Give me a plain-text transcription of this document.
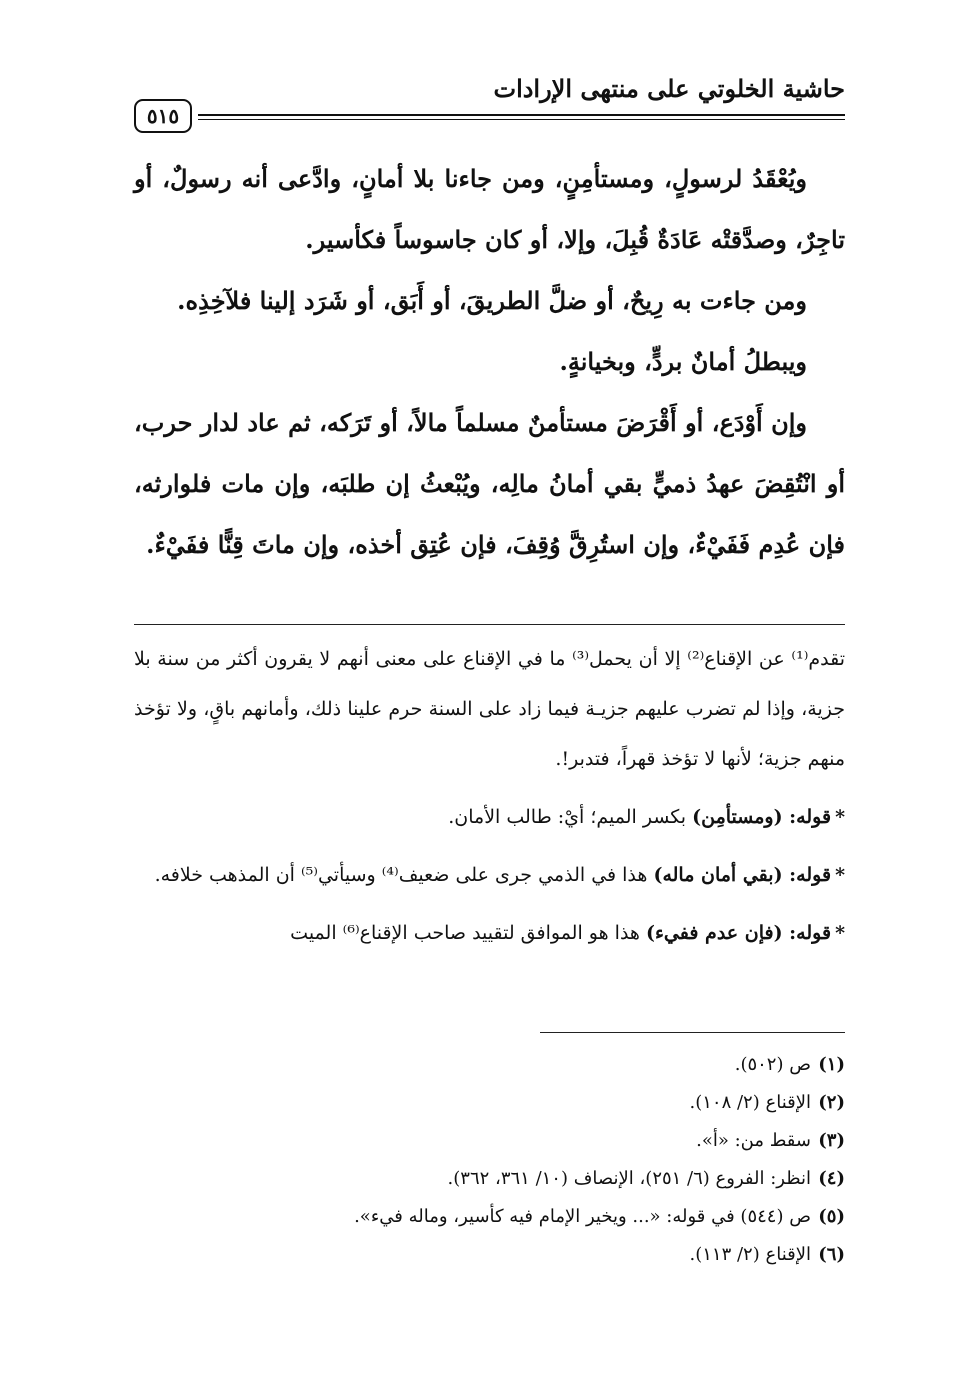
حاشية الخلوتي على منتهى الإرادات
٥١٥

ويُعْقَدُ لرسولٍ، ومستأمِنٍ، ومن جاءنا بلا أمانٍ، وادَّعى أنه رسولٌ، أو تاجِرٌ، وصدَّقتْه عَادَةٌ قُبِلَ، وإلا، أو كان جاسوساً فكأسير.

ومن جاءت به رِيحٌ، أو ضلَّ الطريقَ، أو أَبَق، أو شَرَد إلينا فلآخِذِه.

ويبطلُ أمانٌ بردٍّ، وبخيانةٍ.

وإن أَوْدَع، أو أَقْرَضَ مستأمنٌ مسلماً مالاً، أو تَرَكه، ثم عاد لدار حرب، أو انْتُقِضَ عهدُ ذميٍّ بقي أمانُ مالِه، ويُبْعثُ إن طلبَه، وإن مات فلوارثه، فإن عُدِم فَفَيْءٌ، وإن استُرِقَّ وُقِفَ، فإن عُتِق أخذه، وإن ماتَ قِنًّا ففَيْءٌ.

تقدم⁽¹⁾ عن الإقناع⁽²⁾ إلا أن يحمل⁽³⁾ ما في الإقناع على معنى أنهم لا يقرون أكثر من سنة بلا جزية، وإذا لم تضرب عليهم جزيـة فيما زاد على السنة حرم علينا ذلك، وأمانهم باقٍ، ولا تؤخذ منهم جزية؛ لأنها لا تؤخذ قهراً، فتدبر!.

*قوله: (ومستأمِن) بكسر الميم؛ أيْ: طالب الأمان.

*قوله: (بقي أمان ماله) هذا في الذمي جرى على ضعيف⁽⁴⁾ وسيأتي⁽⁵⁾ أن المذهب خلافه.

*قوله: (فإن عدم ففيء) هذا هو الموافق لتقييد صاحب الإقناع⁽⁶⁾ الميت

(١)ص (٥٠٢).
(٢)الإقناع (٢/ ١٠٨).
(٣)سقط من: «أ».
(٤)انظر: الفروع (٦/ ٢٥١)، الإنصاف (١٠/ ٣٦١، ٣٦٢).
(٥)ص (٥٤٤) في قوله: «... ويخير الإمام فيه كأسير، وماله فيء».
(٦)الإقناع (٢/ ١١٣).
